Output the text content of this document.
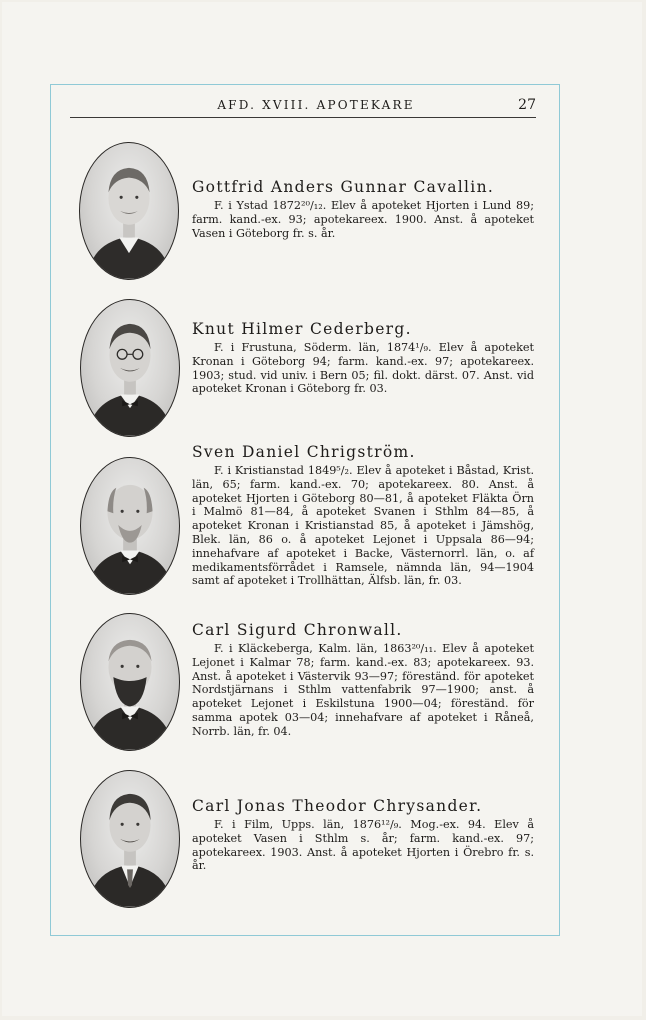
AFD. XVIII. APOTEKARE	27
Gottfrid Anders Gunnar Cavallin.
F. i Ystad 1872²⁰/₁₂. Elev å apoteket Hjorten i Lund 89; farm. kand.-ex. 93; apotekareex. 1900. Anst. å apoteket Vasen i Göteborg fr. s. år.
Knut Hilmer Cederberg.
F. i Frustuna, Söderm. län, 1874¹/₉. Elev å apoteket Kronan i Göteborg 94; farm. kand.-ex. 97; apotekareex. 1903; stud. vid univ. i Bern 05; fil. dokt. därst. 07. Anst. vid apoteket Kronan i Göteborg fr. 03.
Sven Daniel Chrigström.
F. i Kristianstad 1849⁵/₂. Elev å apoteket i Båstad, Krist. län, 65; farm. kand.-ex. 70; apotekareex. 80. Anst. å apoteket Hjorten i Göteborg 80—81, å apoteket Fläkta Örn i Malmö 81—84, å apoteket Svanen i Sthlm 84—85, å apoteket Kronan i Kristianstad 85, å apoteket i Jämshög, Blek. län, 86 o. å apoteket Lejonet i Uppsala 86—94; innehafvare af apoteket i Backe, Västernorrl. län, o. af medikamentsförrådet i Ramsele, nämnda län, 94—1904 samt af apoteket i Trollhättan, Älfsb. län, fr. 03.
Carl Sigurd Chronwall.
F. i Kläckeberga, Kalm. län, 1863²⁰/₁₁. Elev å apoteket Lejonet i Kalmar 78; farm. kand.-ex. 83; apotekareex. 93. Anst. å apoteket i Västervik 93—97; föreständ. för apoteket Nordstjärnans i Sthlm vattenfabrik 97—1900; anst. å apoteket Lejonet i Eskilstuna 1900—04; föreständ. för samma apotek 03—04; innehafvare af apoteket i Råneå, Norrb. län, fr. 04.
Carl Jonas Theodor Chrysander.
F. i Film, Upps. län, 1876¹²/₉. Mog.-ex. 94. Elev å apoteket Vasen i Sthlm s. år; farm. kand.-ex. 97; apotekareex. 1903. Anst. å apoteket Hjorten i Örebro fr. s. år.
